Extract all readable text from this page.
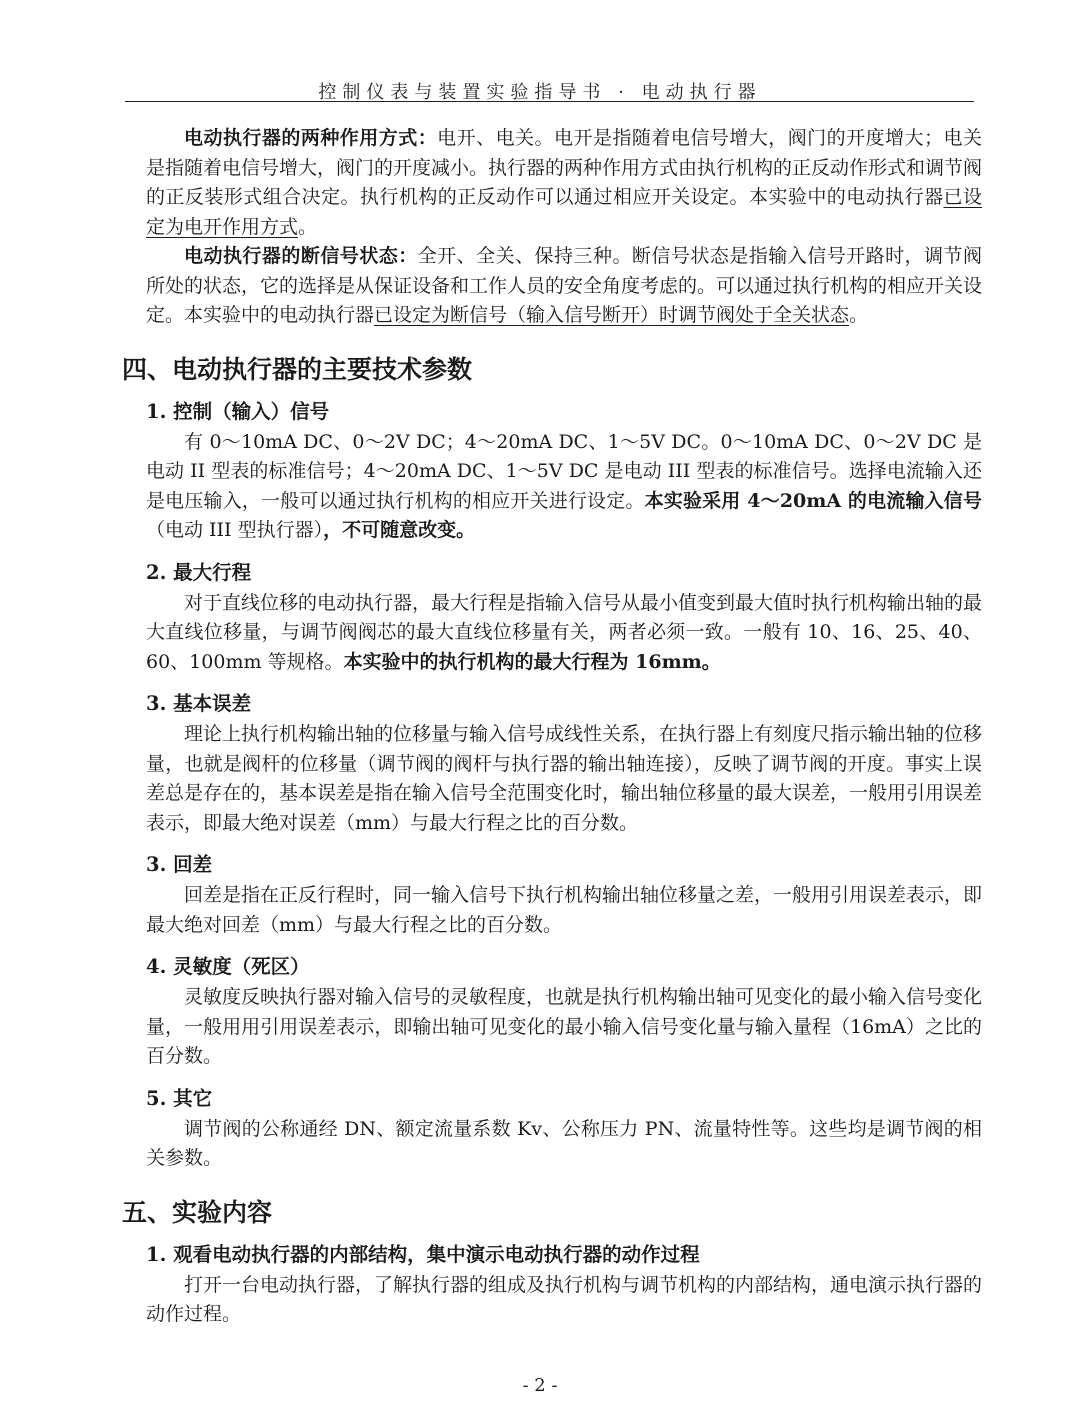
控制仪表与装置实验指导书 · 电动执行器

电动执行器的两种作用方式：电开、电关。电开是指随着电信号增大，阀门的开度增大；电关是指随着电信号增大，阀门的开度减小。执行器的两种作用方式由执行机构的正反动作形式和调节阀的正反装形式组合决定。执行机构的正反动作可以通过相应开关设定。本实验中的电动执行器已设定为电开作用方式。

电动执行器的断信号状态：全开、全关、保持三种。断信号状态是指输入信号开路时，调节阀所处的状态，它的选择是从保证设备和工作人员的安全角度考虑的。可以通过执行机构的相应开关设定。本实验中的电动执行器已设定为断信号（输入信号断开）时调节阀处于全关状态。

四、电动执行器的主要技术参数
1. 控制（输入）信号

有 0～10mA DC、0～2V DC；4～20mA DC、1～5V DC。0～10mA DC、0～2V DC 是电动 II 型表的标准信号；4～20mA DC、1～5V DC 是电动 III 型表的标准信号。选择电流输入还是电压输入，一般可以通过执行机构的相应开关进行设定。本实验采用 4～20mA 的电流输入信号（电动 III 型执行器），不可随意改变。

2. 最大行程

对于直线位移的电动执行器，最大行程是指输入信号从最小值变到最大值时执行机构输出轴的最大直线位移量，与调节阀阀芯的最大直线位移量有关，两者必须一致。一般有 10、16、25、40、60、100mm 等规格。本实验中的执行机构的最大行程为 16mm。

3. 基本误差

理论上执行机构输出轴的位移量与输入信号成线性关系，在执行器上有刻度尺指示输出轴的位移量，也就是阀杆的位移量（调节阀的阀杆与执行器的输出轴连接），反映了调节阀的开度。事实上误差总是存在的，基本误差是指在输入信号全范围变化时，输出轴位移量的最大误差，一般用引用误差表示，即最大绝对误差（mm）与最大行程之比的百分数。

3. 回差

回差是指在正反行程时，同一输入信号下执行机构输出轴位移量之差，一般用引用误差表示，即最大绝对回差（mm）与最大行程之比的百分数。

4. 灵敏度（死区）

灵敏度反映执行器对输入信号的灵敏程度，也就是执行机构输出轴可见变化的最小输入信号变化量，一般用用引用误差表示，即输出轴可见变化的最小输入信号变化量与输入量程（16mA）之比的百分数。

5. 其它

调节阀的公称通经 DN、额定流量系数 Kv、公称压力 PN、流量特性等。这些均是调节阀的相关参数。

五、实验内容
1. 观看电动执行器的内部结构，集中演示电动执行器的动作过程

打开一台电动执行器，了解执行器的组成及执行机构与调节机构的内部结构，通电演示执行器的动作过程。

- 2 -
